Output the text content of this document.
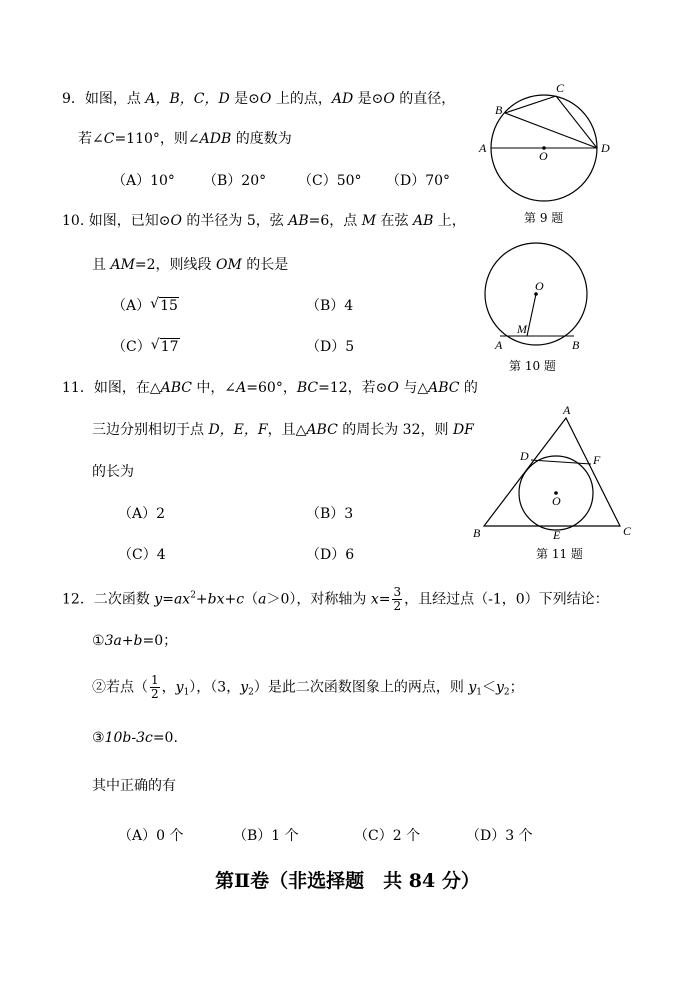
9．如图，点 A，B，C，D 是⊙O 上的点，AD 是⊙O 的直径，
若∠C=110°，则∠ADB 的度数为
（A）10° （B）20° （C）50° （D）70°
A
B
C
D
O
第 9 题
10. 如图，已知⊙O 的半径为 5，弦 AB=6，点 M 在弦 AB 上，
且 AM=2，则线段 OM 的长是
（A） √ 15	（B）4
（C） √ 17	（D）5
O
M
A	B
第 10 题
11．如图，在△ABC 中，∠A=60°，BC=12，若⊙O 与△ABC 的
三边分别相切于点 D，E，F，且△ABC 的周长为 32，则 DF
的长为
（A）2	（B）3
（C）4	（D）6
A
B	C
D
E
F
O
第 11 题
12．二次函数 $y=ax^2+bx+c(a>0)$，对称轴为 $x= \frac{3}{2}$ ，且经过点（-1，0）下列结论：
①3a+b=0；
②若点（ $\frac{1}{2}$ ，$y_1$），（3，$y_2$）是此二次函数图象上的两点，则 $y_1<y_2$；
③10b-3c=0.
其中正确的有
（A）0 个	（B）1 个	（C）2 个	（D）3 个
第Ⅱ卷（非选择题　共 84 分）
